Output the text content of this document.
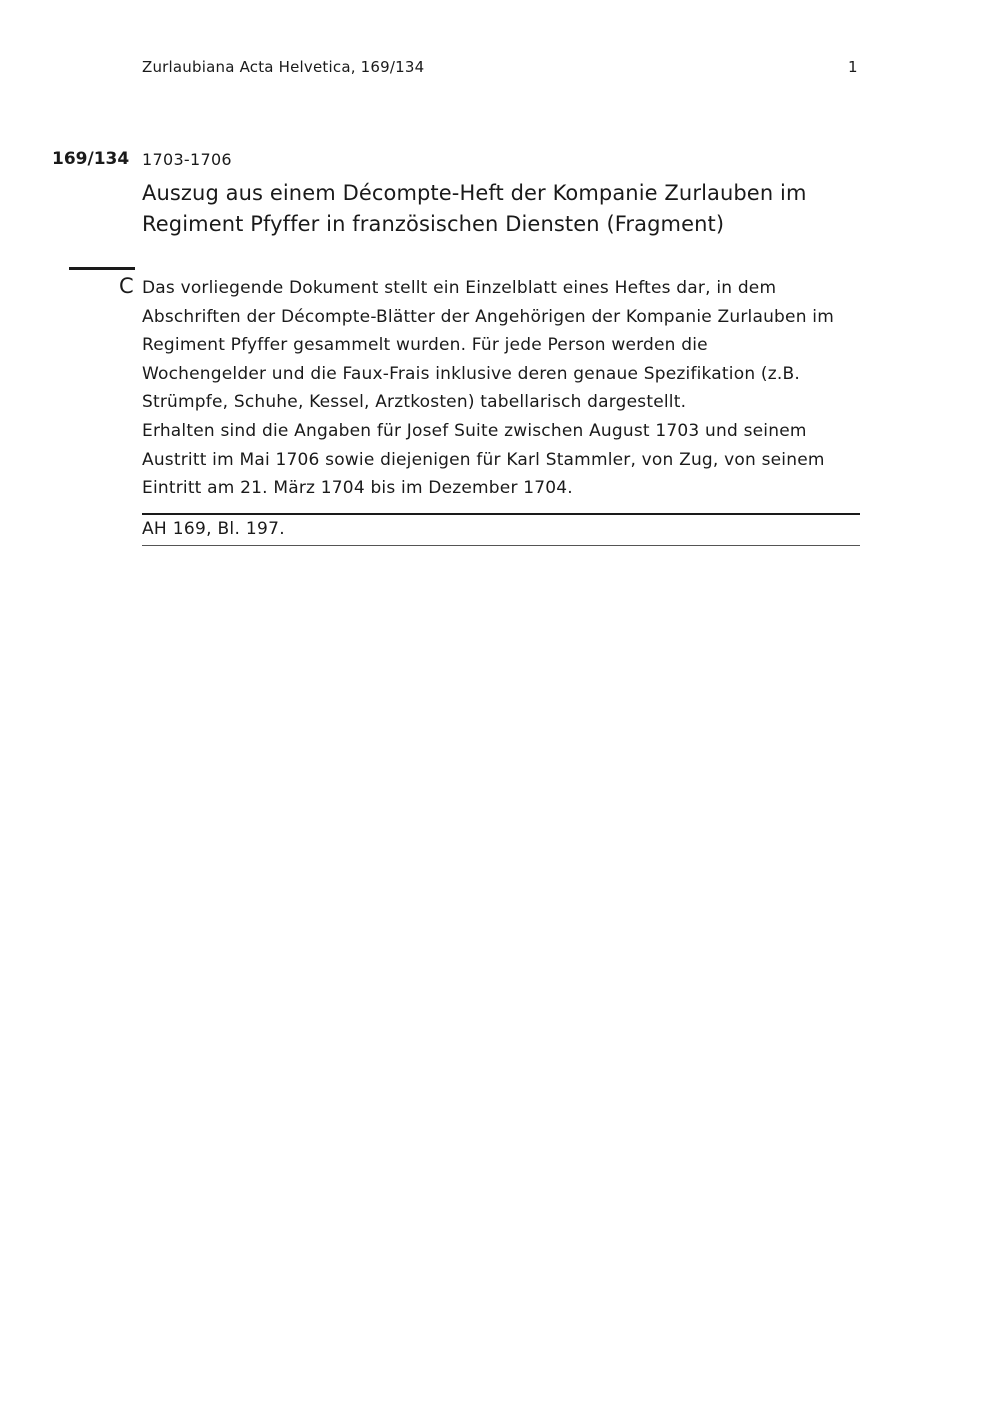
Zurlaubiana Acta Helvetica, 169/134	1
169/134 1703-1706
Auszug aus einem Décompte-Heft der Kompanie Zurlauben im Regiment Pfyffer in französischen Diensten (Fragment)
C Das vorliegende Dokument stellt ein Einzelblatt eines Heftes dar, in dem
Abschriften der Décompte-Blätter der Angehörigen der Kompanie Zurlauben im
Regiment Pfyffer gesammelt wurden. Für jede Person werden die
Wochengelder und die Faux-Frais inklusive deren genaue Spezifikation (z.B.
Strümpfe, Schuhe, Kessel, Arztkosten) tabellarisch dargestellt.
Erhalten sind die Angaben für Josef Suite zwischen August 1703 und seinem
Austritt im Mai 1706 sowie diejenigen für Karl Stammler, von Zug, von seinem
Eintritt am 21. März 1704 bis im Dezember 1704.
AH 169, Bl. 197.
